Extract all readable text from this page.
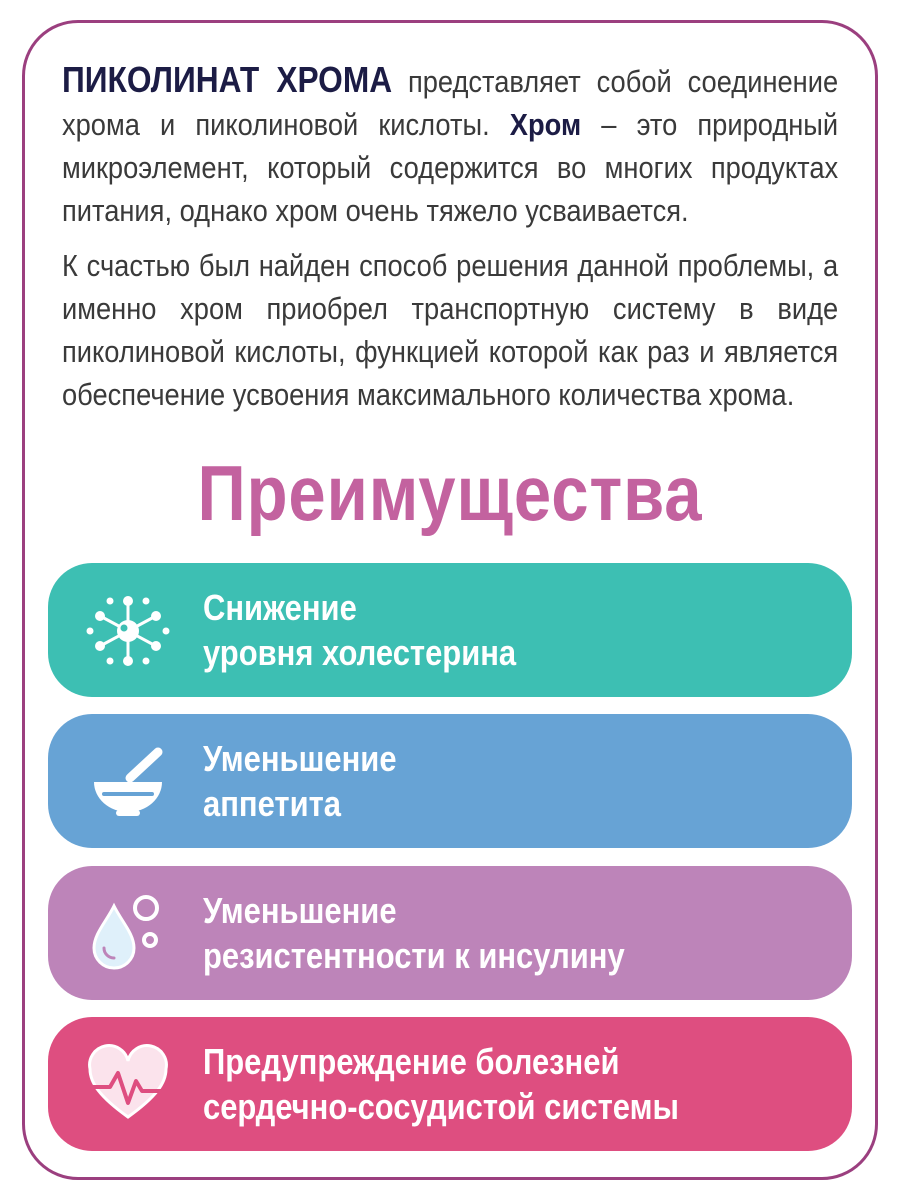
ПИКОЛИНАТ ХРОМА представляет собой соединение хрома и пиколиновой кислоты. Хром – это природный микроэлемент, который содержится во многих продуктах питания, однако хром очень тяжело усваивается.

К счастью был найден способ решения данной проблемы, а именно хром приобрел транспортную систему в виде пиколиновой кислоты, функцией которой как раз и является обеспечение усвоения максимального количества хрома.

Преимущества
Снижение
уровня холестерина
Уменьшение
аппетита
Уменьшение
резистентности к инсулину
Предупреждение болезней
сердечно-сосудистой системы
